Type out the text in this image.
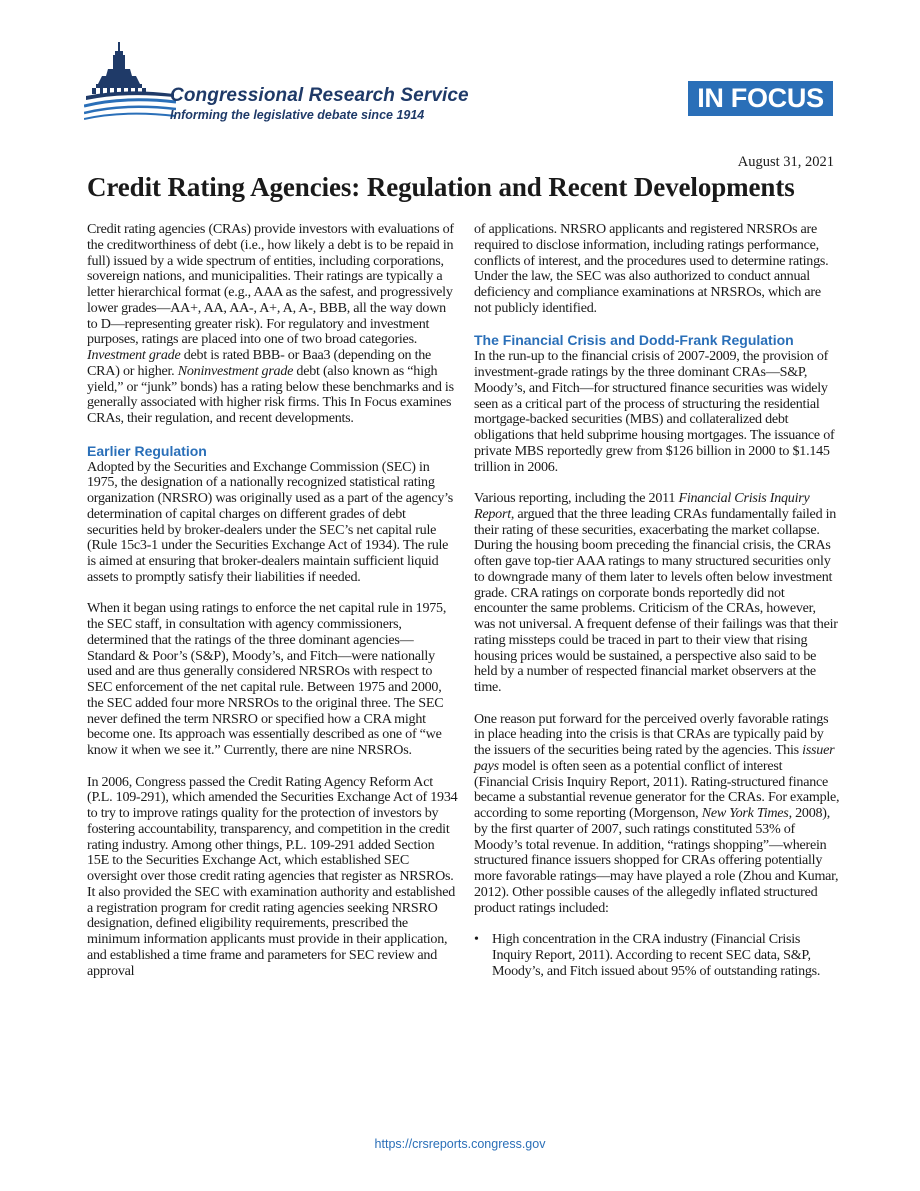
Congressional Research Service
Informing the legislative debate since 1914
IN FOCUS
August 31, 2021
Credit Rating Agencies: Regulation and Recent Developments

Credit rating agencies (CRAs) provide investors with evaluations of the creditworthiness of debt (i.e., how likely a debt is to be repaid in full) issued by a wide spectrum of entities, including corporations, sovereign nations, and municipalities. Their ratings are typically a letter hierarchical format (e.g., AAA as the safest, and progressively lower grades—AA+, AA, AA-, A+, A, A-, BBB, all the way down to D—representing greater risk). For regulatory and investment purposes, ratings are placed into one of two broad categories. Investment grade debt is rated BBB- or Baa3 (depending on the CRA) or higher. Noninvestment grade debt (also known as “high yield,” or “junk” bonds) has a rating below these benchmarks and is generally associated with higher risk firms. This In Focus examines CRAs, their regulation, and recent developments.

Earlier Regulation

Adopted by the Securities and Exchange Commission (SEC) in 1975, the designation of a nationally recognized statistical rating organization (NRSRO) was originally used as a part of the agency’s determination of capital charges on different grades of debt securities held by broker-dealers under the SEC’s net capital rule (Rule 15c3-1 under the Securities Exchange Act of 1934). The rule is aimed at ensuring that broker-dealers maintain sufficient liquid assets to promptly satisfy their liabilities if needed.

When it began using ratings to enforce the net capital rule in 1975, the SEC staff, in consultation with agency commissioners, determined that the ratings of the three dominant agencies—Standard & Poor’s (S&P), Moody’s, and Fitch—were nationally used and are thus generally considered NRSROs with respect to SEC enforcement of the net capital rule. Between 1975 and 2000, the SEC added four more NRSROs to the original three. The SEC never defined the term NRSRO or specified how a CRA might become one. Its approach was essentially described as one of “we know it when we see it.” Currently, there are nine NRSROs.

In 2006, Congress passed the Credit Rating Agency Reform Act (P.L. 109-291), which amended the Securities Exchange Act of 1934 to try to improve ratings quality for the protection of investors by fostering accountability, transparency, and competition in the credit rating industry. Among other things, P.L. 109-291 added Section 15E to the Securities Exchange Act, which established SEC oversight over those credit rating agencies that register as NRSROs. It also provided the SEC with examination authority and established a registration program for credit rating agencies seeking NRSRO designation, defined eligibility requirements, prescribed the minimum information applicants must provide in their application, and established a time frame and parameters for SEC review and approval

of applications. NRSRO applicants and registered NRSROs are required to disclose information, including ratings performance, conflicts of interest, and the procedures used to determine ratings. Under the law, the SEC was also authorized to conduct annual deficiency and compliance examinations at NRSROs, which are not publicly identified.

The Financial Crisis and Dodd-Frank Regulation

In the run-up to the financial crisis of 2007-2009, the provision of investment-grade ratings by the three dominant CRAs—S&P, Moody’s, and Fitch—for structured finance securities was widely seen as a critical part of the process of structuring the residential mortgage-backed securities (MBS) and collateralized debt obligations that held subprime housing mortgages. The issuance of private MBS reportedly grew from $126 billion in 2000 to $1.145 trillion in 2006.

Various reporting, including the 2011 Financial Crisis Inquiry Report, argued that the three leading CRAs fundamentally failed in their rating of these securities, exacerbating the market collapse. During the housing boom preceding the financial crisis, the CRAs often gave top-tier AAA ratings to many structured securities only to downgrade many of them later to levels often below investment grade. CRA ratings on corporate bonds reportedly did not encounter the same problems. Criticism of the CRAs, however, was not universal. A frequent defense of their failings was that their rating missteps could be traced in part to their view that rising housing prices would be sustained, a perspective also said to be held by a number of respected financial market observers at the time.

One reason put forward for the perceived overly favorable ratings in place heading into the crisis is that CRAs are typically paid by the issuers of the securities being rated by the agencies. This issuer pays model is often seen as a potential conflict of interest (Financial Crisis Inquiry Report, 2011). Rating-structured finance became a substantial revenue generator for the CRAs. For example, according to some reporting (Morgenson, New York Times, 2008), by the first quarter of 2007, such ratings constituted 53% of Moody’s total revenue. In addition, “ratings shopping”—wherein structured finance issuers shopped for CRAs offering potentially more favorable ratings—may have played a role (Zhou and Kumar, 2012). Other possible causes of the allegedly inflated structured product ratings included:

• High concentration in the CRA industry (Financial Crisis Inquiry Report, 2011). According to recent SEC data, S&P, Moody’s, and Fitch issued about 95% of outstanding ratings.
https://crsreports.congress.gov
